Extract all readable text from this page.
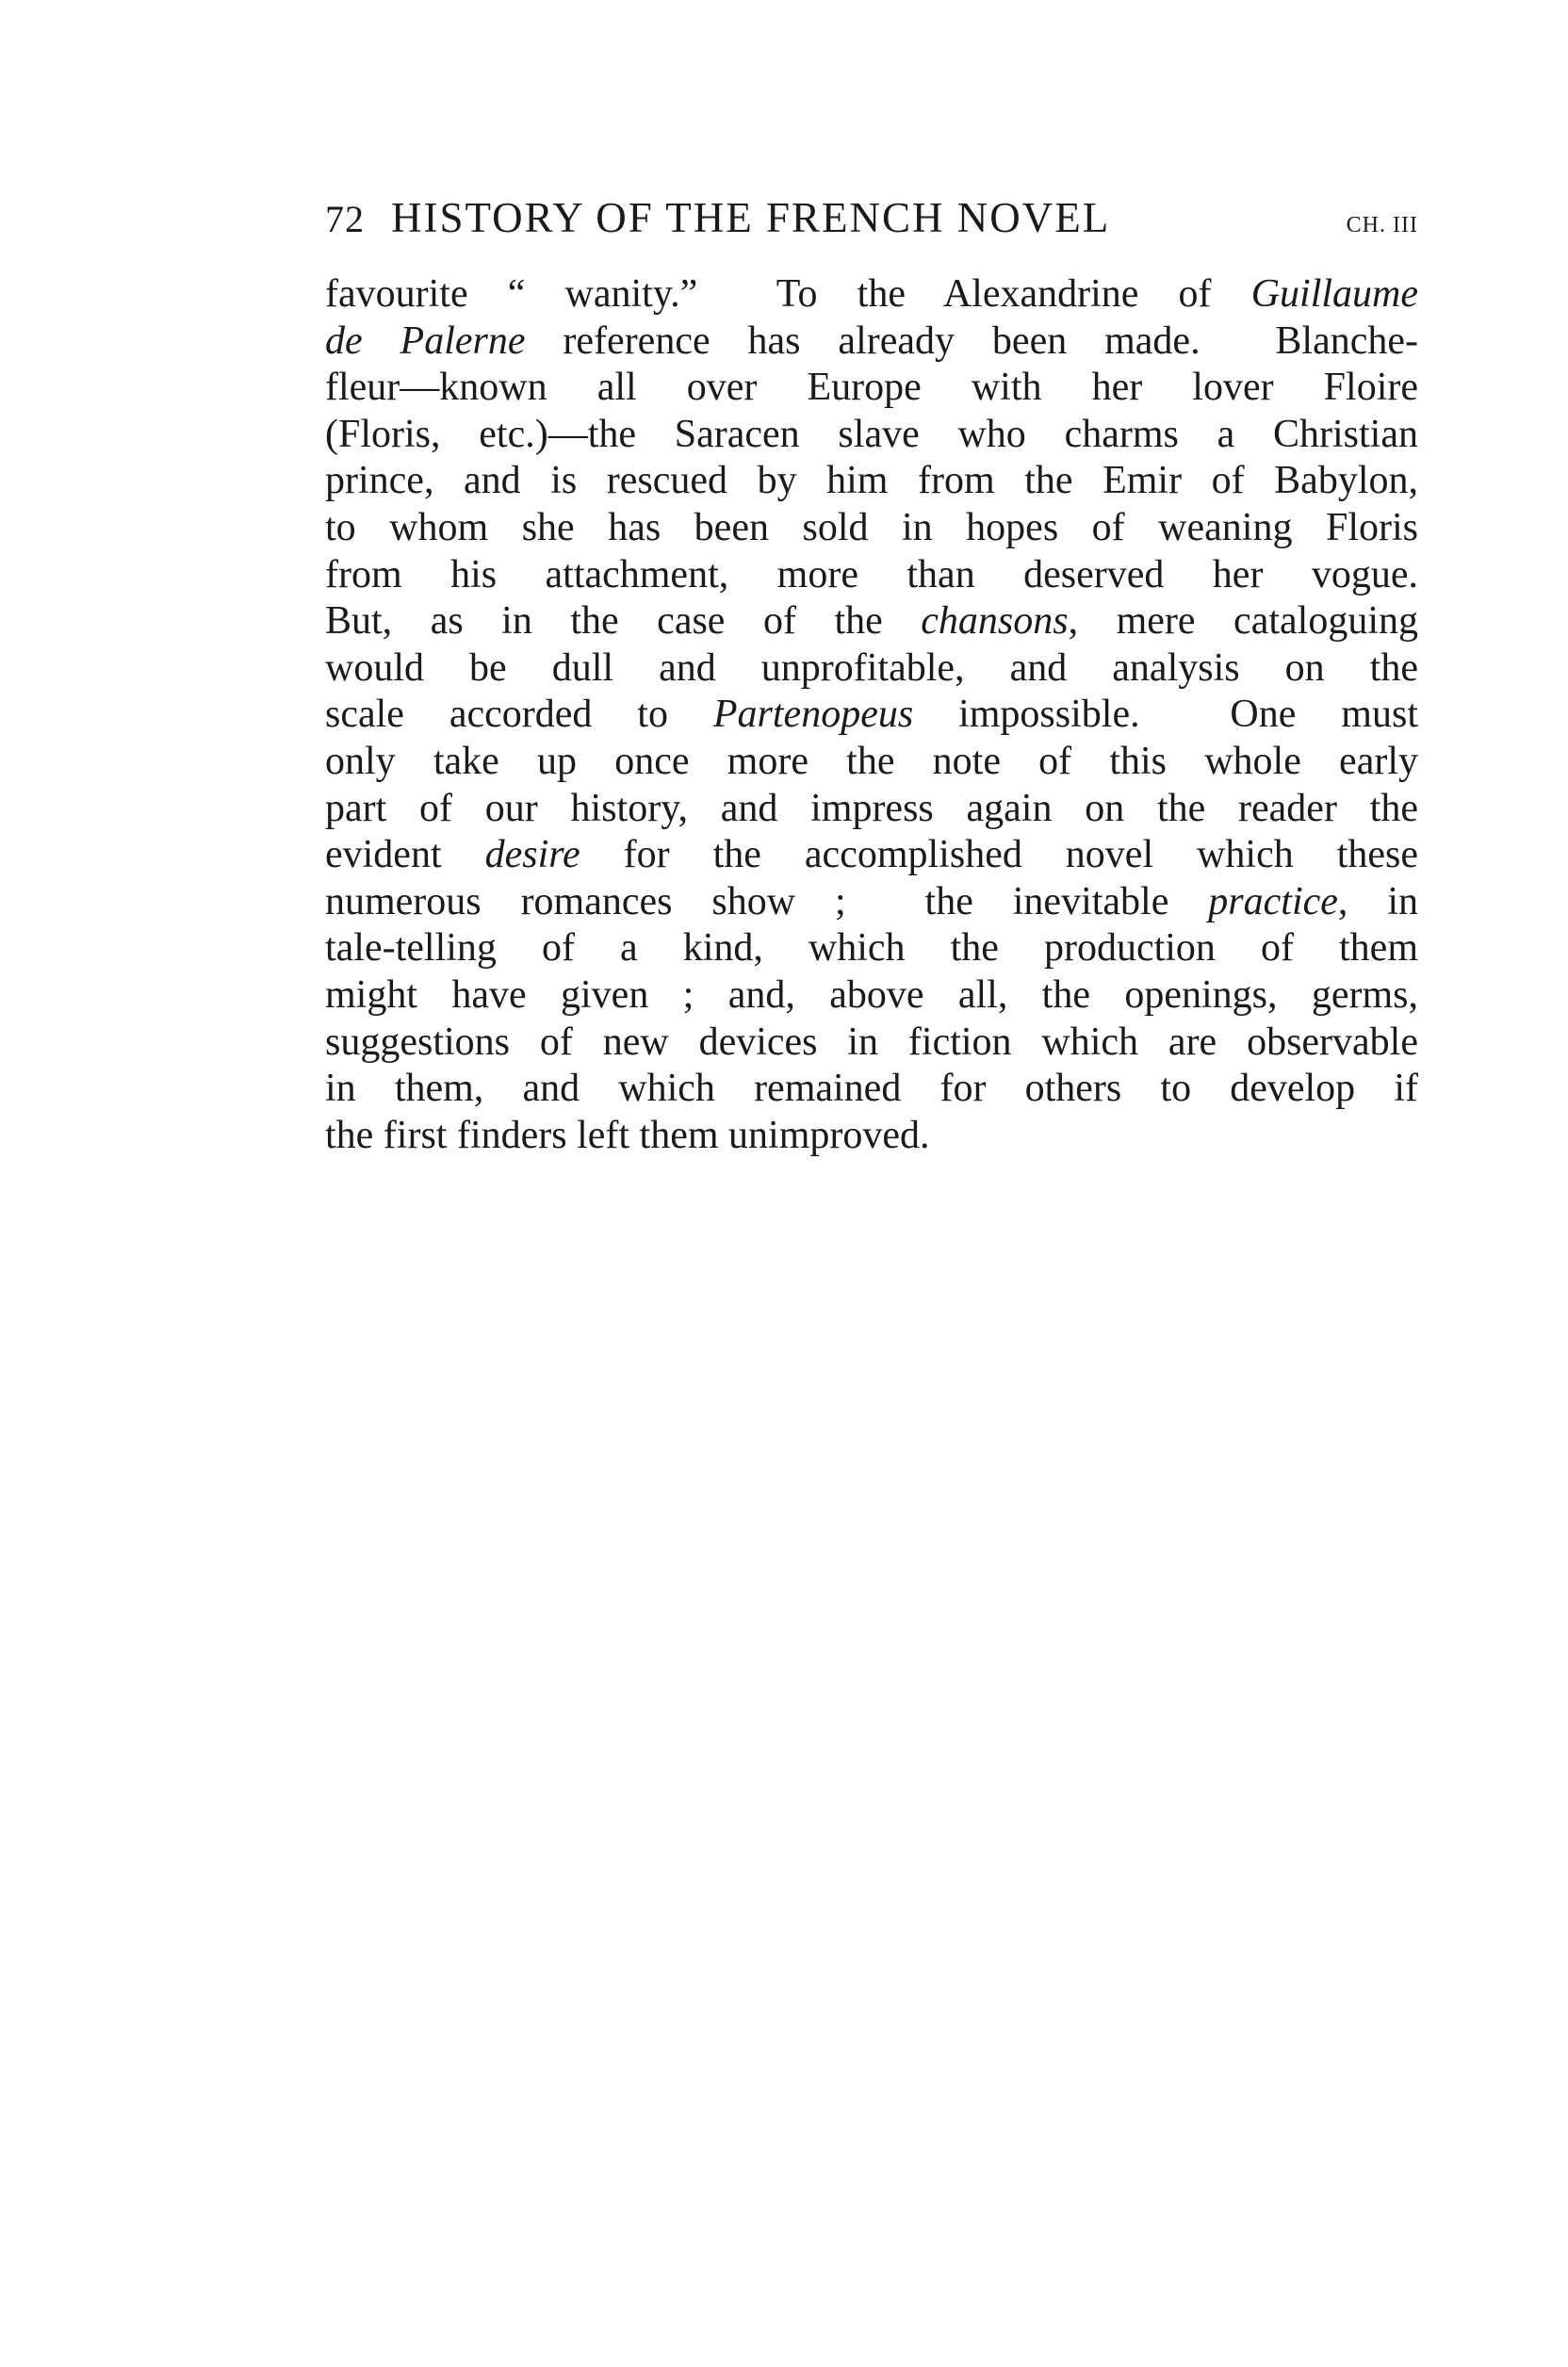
72 HISTORY OF THE FRENCH NOVEL	CH. III
favourite “ wanity.”  To the Alexandrine of Guillaume
de Palerne reference has already been made.  Blanche-
fleur—known all over Europe with her lover Floire
(Floris, etc.)—the Saracen slave who charms a Christian
prince, and is rescued by him from the Emir of Babylon,
to whom she has been sold in hopes of weaning Floris
from his attachment, more than deserved her vogue.
But, as in the case of the chansons, mere cataloguing
would be dull and unprofitable, and analysis on the
scale accorded to Partenopeus impossible.  One must
only take up once more the note of this whole early
part of our history, and impress again on the reader the
evident desire for the accomplished novel which these
numerous romances show ;  the inevitable practice, in
tale-telling of a kind, which the production of them
might have given ; and, above all, the openings, germs,
suggestions of new devices in fiction which are observable
in them, and which remained for others to develop if
the first finders left them unimproved.
